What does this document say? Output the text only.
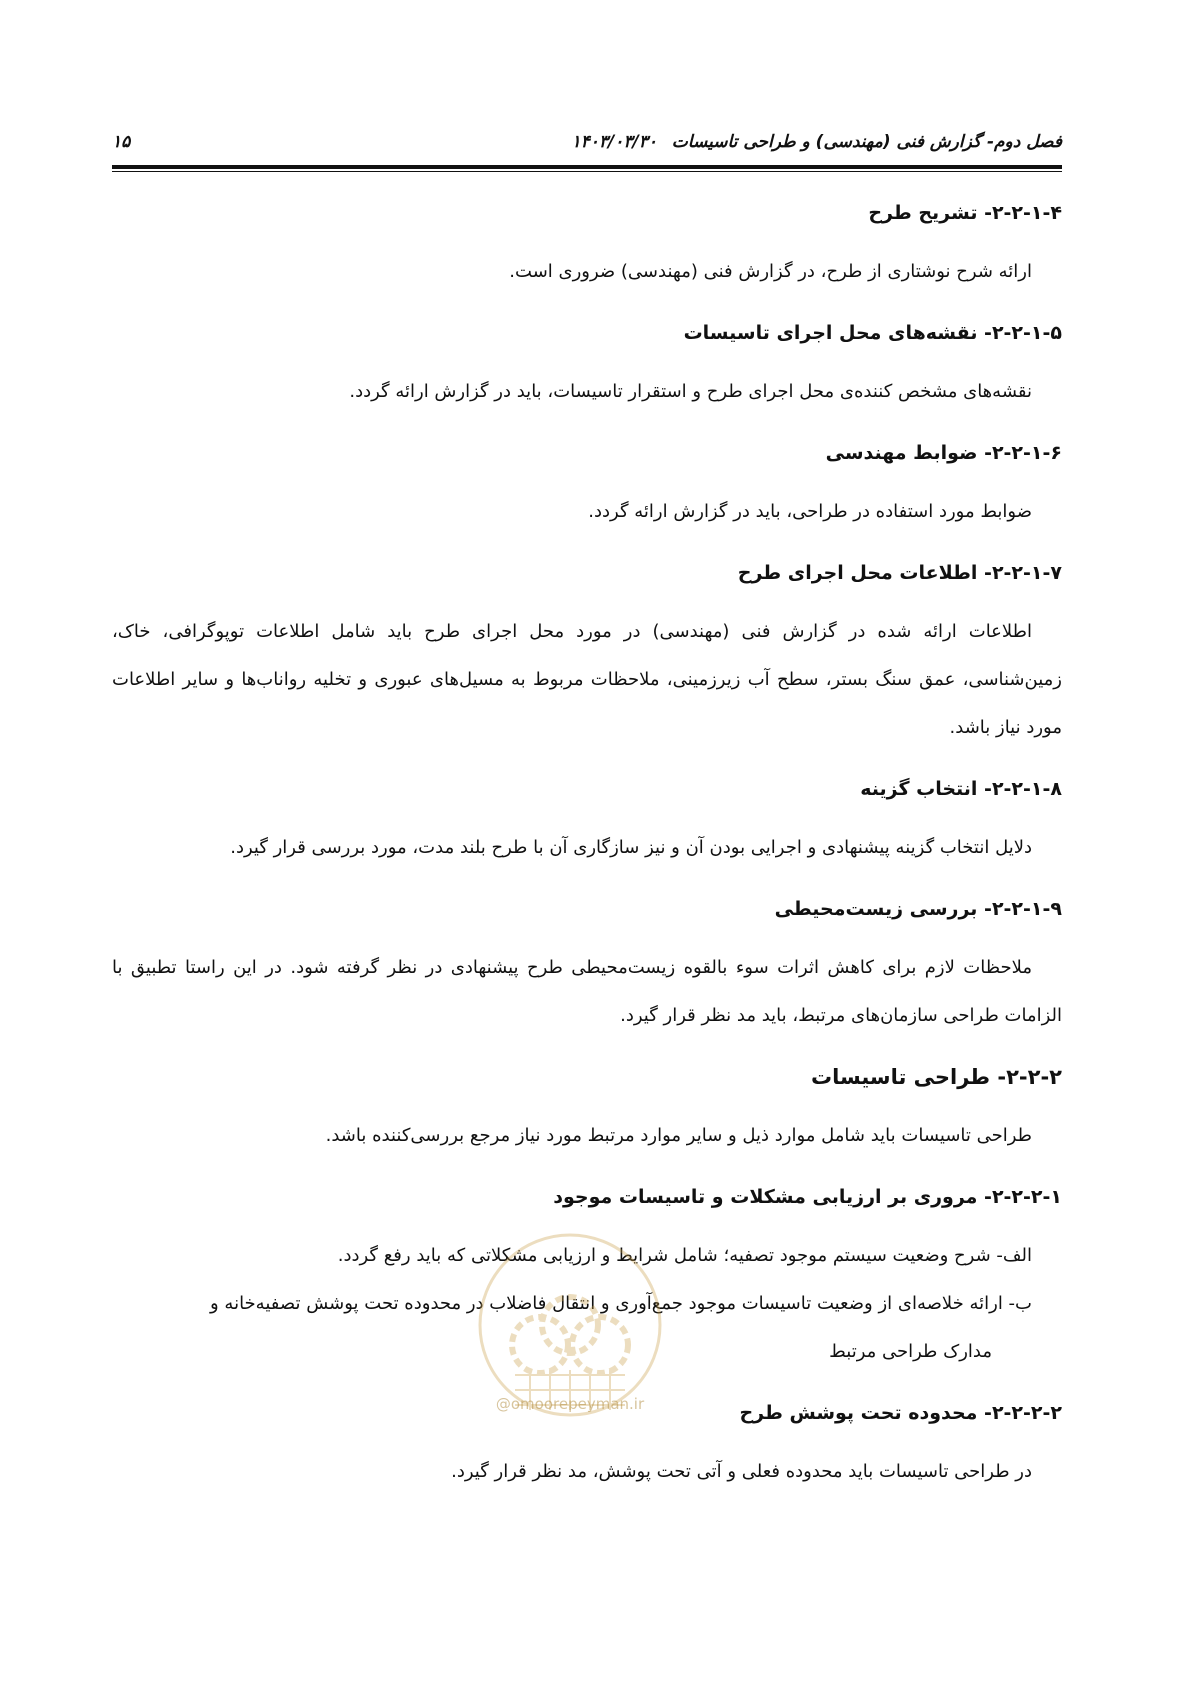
فصل دوم- گزارش فنی (مهندسی) و طراحی تاسیسات
۱۴۰۳/۰۳/۳۰
۱۵
۲-۲-۱-۴- تشریح طرح

ارائه شرح نوشتاری از طرح، در گزارش فنی (مهندسی) ضروری است.

۲-۲-۱-۵- نقشه‌های محل اجرای تاسیسات

نقشه‌های مشخص کننده‌ی محل اجرای طرح و استقرار تاسیسات، باید در گزارش ارائه گردد.

۲-۲-۱-۶- ضوابط مهندسی

ضوابط مورد استفاده در طراحی، باید در گزارش ارائه گردد.

۲-۲-۱-۷- اطلاعات محل اجرای طرح

اطلاعات ارائه شده در گزارش فنی (مهندسی) در مورد محل اجرای طرح باید شامل اطلاعات توپوگرافی، خاک، زمین‌شناسی، عمق سنگ بستر، سطح آب زیرزمینی، ملاحظات مربوط به مسیل‌های عبوری و تخلیه رواناب‌ها و سایر اطلاعات مورد نیاز باشد.

۲-۲-۱-۸- انتخاب گزینه

دلایل انتخاب گزینه پیشنهادی و اجرایی بودن آن و نیز سازگاری آن با طرح بلند مدت، مورد بررسی قرار گیرد.

۲-۲-۱-۹- بررسی زیست‌محیطی

ملاحظات لازم برای کاهش اثرات سوء بالقوه زیست‌محیطی طرح پیشنهادی در نظر گرفته شود. در این راستا تطبیق با الزامات طراحی سازمان‌های مرتبط، باید مد نظر قرار گیرد.

۲-۲-۲- طراحی تاسیسات

طراحی تاسیسات باید شامل موارد ذیل و سایر موارد مرتبط مورد نیاز مرجع بررسی‌کننده باشد.

۲-۲-۲-۱- مروری بر ارزیابی مشکلات و تاسیسات موجود

الف- شرح وضعیت سیستم موجود تصفیه؛ شامل شرایط و ارزیابی مشکلاتی که باید رفع گردد.

ب- ارائه خلاصه‌ای از وضعیت تاسیسات موجود جمع‌آوری و انتقال فاضلاب در محدوده تحت پوشش تصفیه‌خانه و
مدارک طراحی مرتبط

۲-۲-۲-۲- محدوده تحت پوشش طرح

در طراحی تاسیسات باید محدوده فعلی و آتی تحت پوشش، مد نظر قرار گیرد.

@omoorepeyman.ir
